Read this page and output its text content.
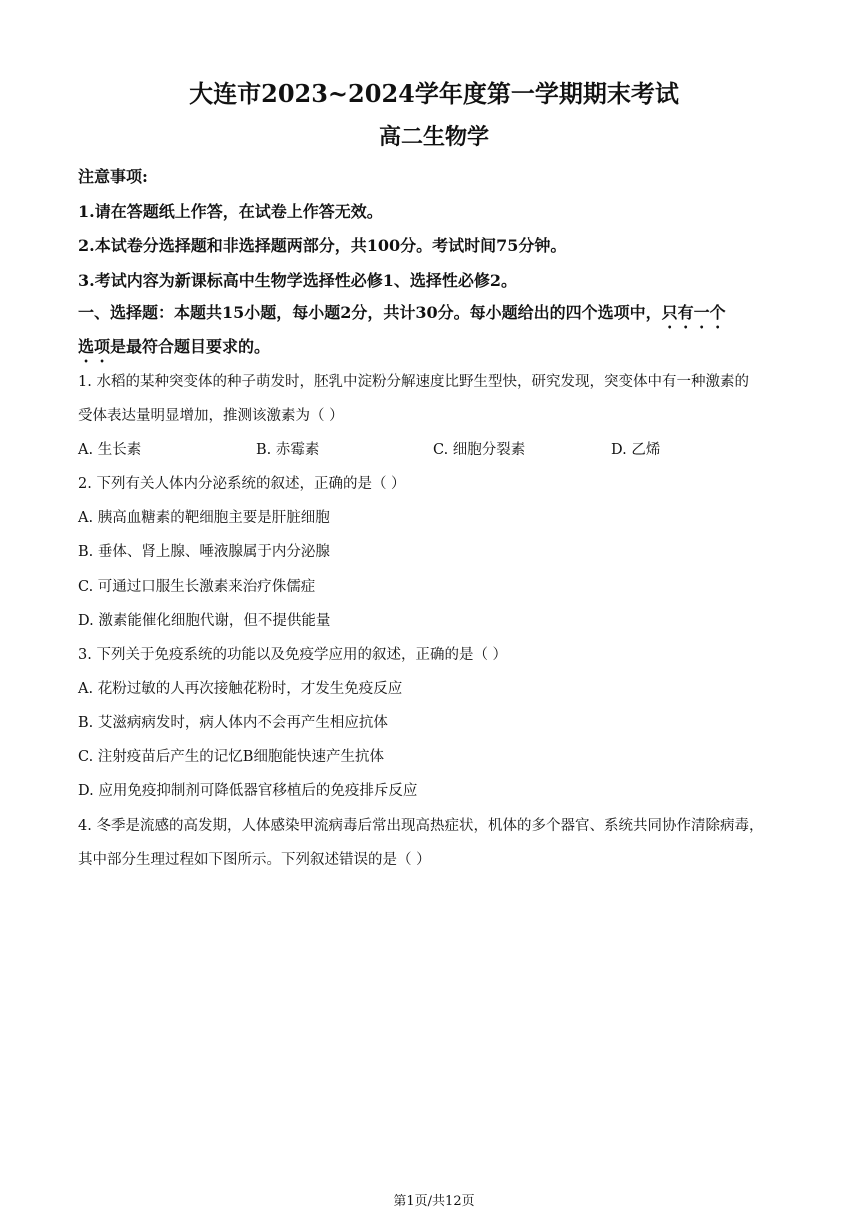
大连市2023~2024学年度第一学期期末考试
高二生物学
注意事项:
1.请在答题纸上作答，在试卷上作答无效。
2.本试卷分选择题和非选择题两部分，共100分。考试时间75分钟。
3.考试内容为新课标高中生物学选择性必修1、选择性必修2。
一、选择题：本题共15小题，每小题2分，共计30分。每小题给出的四个选项中，只有一个
选项是最符合题目要求的。
1. 水稻的某种突变体的种子萌发时，胚乳中淀粉分解速度比野生型快，研究发现，突变体中有一种激素的
受体表达量明显增加，推测该激素为（ ）
A. 生长素	B. 赤霉素	C. 细胞分裂素	D. 乙烯
2. 下列有关人体内分泌系统的叙述，正确的是（ ）
A. 胰高血糖素的靶细胞主要是肝脏细胞
B. 垂体、肾上腺、唾液腺属于内分泌腺
C. 可通过口服生长激素来治疗侏儒症
D. 激素能催化细胞代谢，但不提供能量
3. 下列关于免疫系统的功能以及免疫学应用的叙述，正确的是（ ）
A. 花粉过敏的人再次接触花粉时，才发生免疫反应
B. 艾滋病病发时，病人体内不会再产生相应抗体
C. 注射疫苗后产生的记忆B细胞能快速产生抗体
D. 应用免疫抑制剂可降低器官移植后的免疫排斥反应
4. 冬季是流感的高发期，人体感染甲流病毒后常出现高热症状，机体的多个器官、系统共同协作清除病毒，
其中部分生理过程如下图所示。下列叙述错误的是（ ）
第1页/共12页
